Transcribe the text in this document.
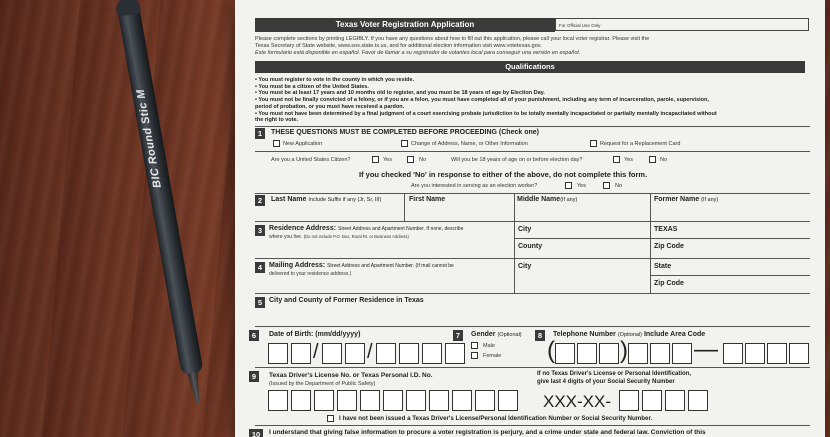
BIC Round Stic M
Texas Voter Registration Application	For Official Use Only
Please complete sections by printing LEGIBLY. If you have any questions about how to fill out this application, please call your local voter registrar. Please visit the
Texas Secretary of State website, www.sos.state.tx.us, and for additional election information visit www.votetexas.gov.
Este formulario está disponible en español. Favor de llamar a su registrador de votantes local para conseguir una versión en español.
Qualifications
• You must register to vote in the county in which you reside.
• You must be a citizen of the United States.
• You must be at least 17 years and 10 months old to register, and you must be 18 years of age by Election Day.
• You must not be finally convicted of a felony, or if you are a felon, you must have completed all of your punishment, including any term of incarceration, parole, supervision,
period of probation, or you must have received a pardon.
• You must not have been determined by a final judgment of a court exercising probate jurisdiction to be totally mentally incapacitated or partially mentally incapacitated without
the right to vote.
1	THESE QUESTIONS MUST BE COMPLETED BEFORE PROCEEDING (Check one)
New Application	Change of Address, Name, or Other Information	Request for a Replacement Card
Are you a United States Citizen?	Yes	No	Will you be 18 years of age on or before election day?	Yes	No
If you checked 'No' in response to either of the above, do not complete this form.
Are you interested in serving as an election worker?	Yes	No
2	Last Name Include Suffix if any (Jr, Sr, III)	First Name	Middle Name(If any)	Former Name (If any)
3 Residence Address: Street Address and Apartment Number. If none, describe
where you live. (Do not include P.O. Box, Rural Rt. or Business Address)
City	TEXAS
County	Zip Code
4 Mailing Address: Street Address and Apartment Number. (If mail cannot be
delivered to your residence address.)
City	State
Zip Code
5 City and County of Former Residence in Texas
6	Date of Birth: (mm/dd/yyyy)
/ /
7	Gender (Optional)
Male
Female
8	Telephone Number (Optional) Include Area Code
(	)	—
9	Texas Driver's License No. or Texas Personal I.D. No.
(Issued by the Department of Public Safety)
If no Texas Driver's License or Personal Identification,
give last 4 digits of your Social Security Number
XXX-XX-
I have not been issued a Texas Driver's License/Personal Identification Number or Social Security Number.
10	I understand that giving false information to procure a voter registration is perjury, and a crime under state and federal law. Conviction of this
